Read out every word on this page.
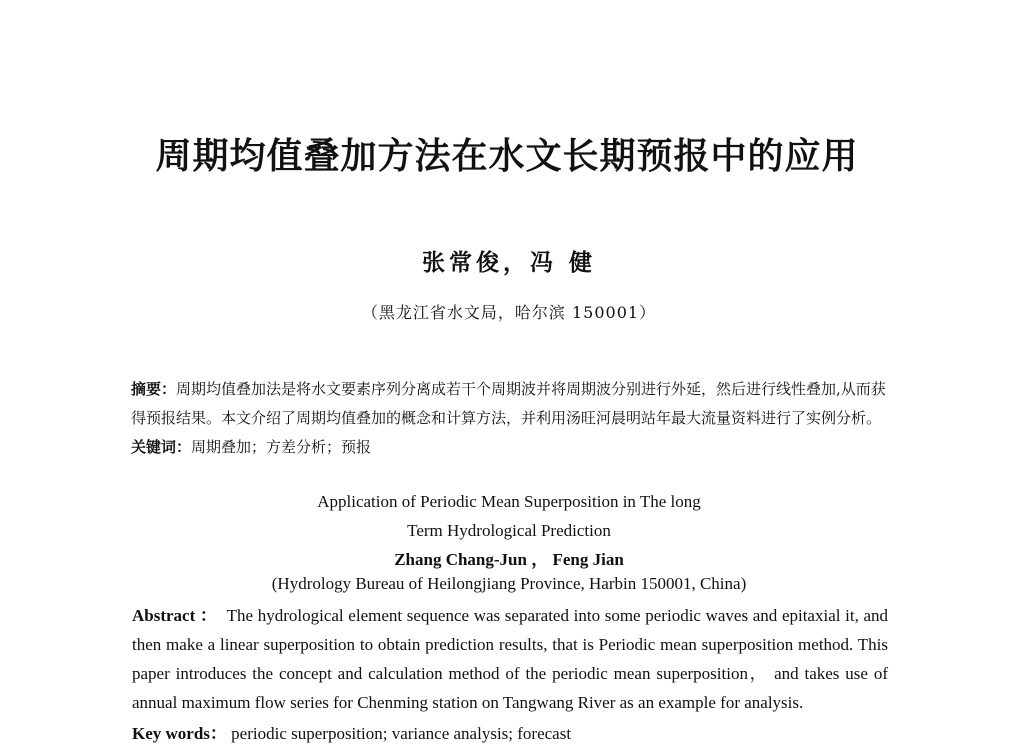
周期均值叠加方法在水文长期预报中的应用
张常俊，冯 健
（黑龙江省水文局，哈尔滨 150001）
摘要：周期均值叠加法是将水文要素序列分离成若干个周期波并将周期波分别进行外延，然后进行线性叠加,从而获得预报结果。本文介绍了周期均值叠加的概念和计算方法，并利用汤旺河晨明站年最大流量资料进行了实例分析。
关键词：周期叠加；方差分析；预报
Application of Periodic Mean Superposition in The long
Term Hydrological Prediction
Zhang Chang-Jun ， Feng Jian
(Hydrology Bureau of Heilongjiang Province, Harbin 150001, China)
Abstract ： The hydrological element sequence was separated into some periodic waves and epitaxial it, and then make a linear superposition to obtain prediction results, that is Periodic mean superposition method. This paper introduces the concept and calculation method of the periodic mean superposition， and takes use of annual maximum flow series for Chenming station on Tangwang River as an example for analysis.
Key words： periodic superposition; variance analysis; forecast
